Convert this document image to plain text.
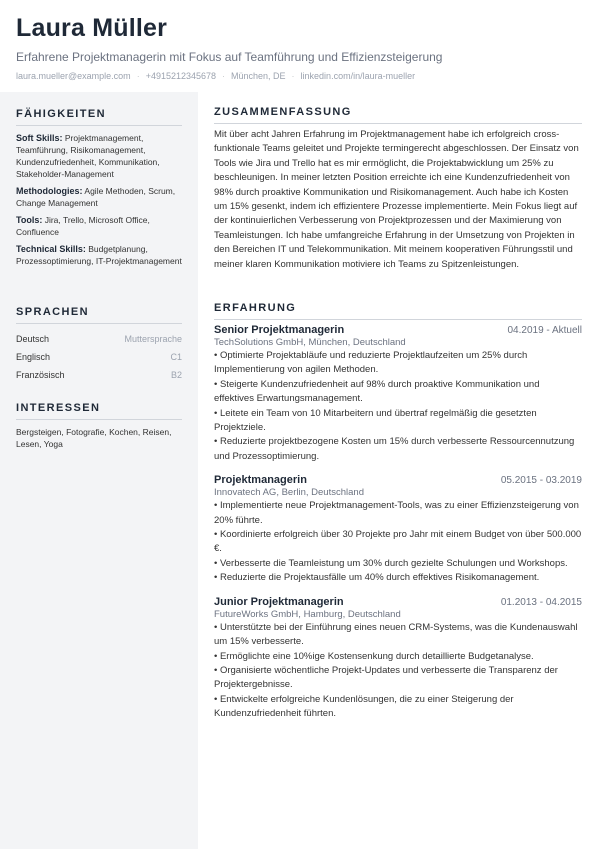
Laura Müller
Erfahrene Projektmanagerin mit Fokus auf Teamführung und Effizienzsteigerung
laura.mueller@example.com · +4915212345678 · München, DE · linkedin.com/in/laura-mueller
FÄHIGKEITEN
Soft Skills: Projektmanagement, Teamführung, Risikomanagement, Kundenzufriedenheit, Kommunikation, Stakeholder-Management
Methodologies: Agile Methoden, Scrum, Change Management
Tools: Jira, Trello, Microsoft Office, Confluence
Technical Skills: Budgetplanung, Prozessoptimierung, IT-Projektmanagement
SPRACHEN
Deutsch	Muttersprache
Englisch	C1
Französisch	B2
INTERESSEN
Bergsteigen, Fotografie, Kochen, Reisen, Lesen, Yoga
ZUSAMMENFASSUNG
Mit über acht Jahren Erfahrung im Projektmanagement habe ich erfolgreich cross-funktionale Teams geleitet und Projekte termingerecht abgeschlossen. Der Einsatz von Tools wie Jira und Trello hat es mir ermöglicht, die Projektabwicklung um 25% zu beschleunigen. In meiner letzten Position erreichte ich eine Kundenzufriedenheit von 98% durch proaktive Kommunikation und Risikomanagement. Auch habe ich Kosten um 15% gesenkt, indem ich effizientere Prozesse implementierte. Mein Fokus liegt auf der kontinuierlichen Verbesserung von Projektprozessen und der Maximierung von Teamleistungen. Ich habe umfangreiche Erfahrung in der Umsetzung von Projekten in den Bereichen IT und Telekommunikation. Mit meinem kooperativen Führungsstil und meiner klaren Kommunikation motiviere ich Teams zu Spitzenleistungen.
ERFAHRUNG
Senior Projektmanagerin	04.2019 - Aktuell
TechSolutions GmbH, München, Deutschland
• Optimierte Projektabläufe und reduzierte Projektlaufzeiten um 25% durch Implementierung von agilen Methoden.
• Steigerte Kundenzufriedenheit auf 98% durch proaktive Kommunikation und effektives Erwartungsmanagement.
• Leitete ein Team von 10 Mitarbeitern und übertraf regelmäßig die gesetzten Projektziele.
• Reduzierte projektbezogene Kosten um 15% durch verbesserte Ressourcennutzung und Prozessoptimierung.
Projektmanagerin	05.2015 - 03.2019
Innovatech AG, Berlin, Deutschland
• Implementierte neue Projektmanagement-Tools, was zu einer Effizienzsteigerung von 20% führte.
• Koordinierte erfolgreich über 30 Projekte pro Jahr mit einem Budget von über 500.000 €.
• Verbesserte die Teamleistung um 30% durch gezielte Schulungen und Workshops.
• Reduzierte die Projektausfälle um 40% durch effektives Risikomanagement.
Junior Projektmanagerin	01.2013 - 04.2015
FutureWorks GmbH, Hamburg, Deutschland
• Unterstützte bei der Einführung eines neuen CRM-Systems, was die Kundenauswahl um 15% verbesserte.
• Ermöglichte eine 10%ige Kostensenkung durch detaillierte Budgetanalyse.
• Organisierte wöchentliche Projekt-Updates und verbesserte die Transparenz der Projektergebnisse.
• Entwickelte erfolgreiche Kundenlösungen, die zu einer Steigerung der Kundenzufriedenheit führten.
